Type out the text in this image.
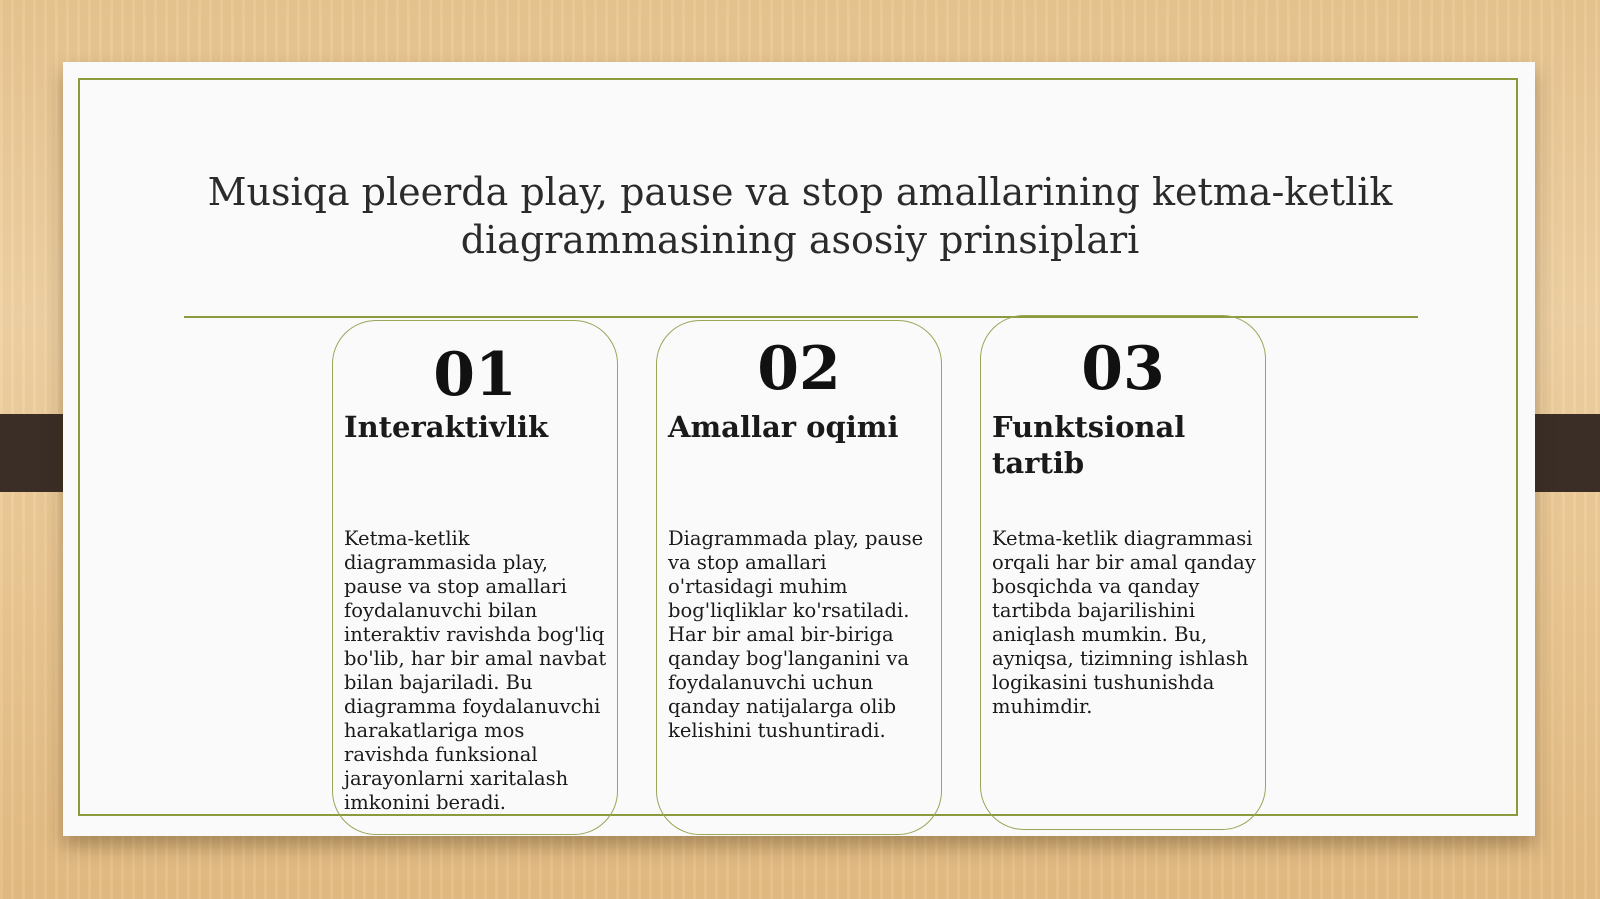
Musiqa pleerda play, pause va stop amallarining ketma-ketlik diagrammasining asosiy prinsiplari
01
Interaktivlik

Ketma-ketlik diagrammasida play, pause va stop amallari foydalanuvchi bilan interaktiv ravishda bog'liq bo'lib, har bir amal navbat bilan bajariladi. Bu diagramma foydalanuvchi harakatlariga mos ravishda funksional jarayonlarni xaritalash imkonini beradi.

02
Amallar oqimi

Diagrammada play, pause va stop amallari o'rtasidagi muhim bog'liqliklar ko'rsatiladi. Har bir amal bir-biriga qanday bog'langanini va foydalanuvchi uchun qanday natijalarga olib kelishini tushuntiradi.

03
Funktsional tartib

Ketma-ketlik diagrammasi orqali har bir amal qanday bosqichda va qanday tartibda bajarilishini aniqlash mumkin. Bu, ayniqsa, tizimning ishlash logikasini tushunishda muhimdir.
